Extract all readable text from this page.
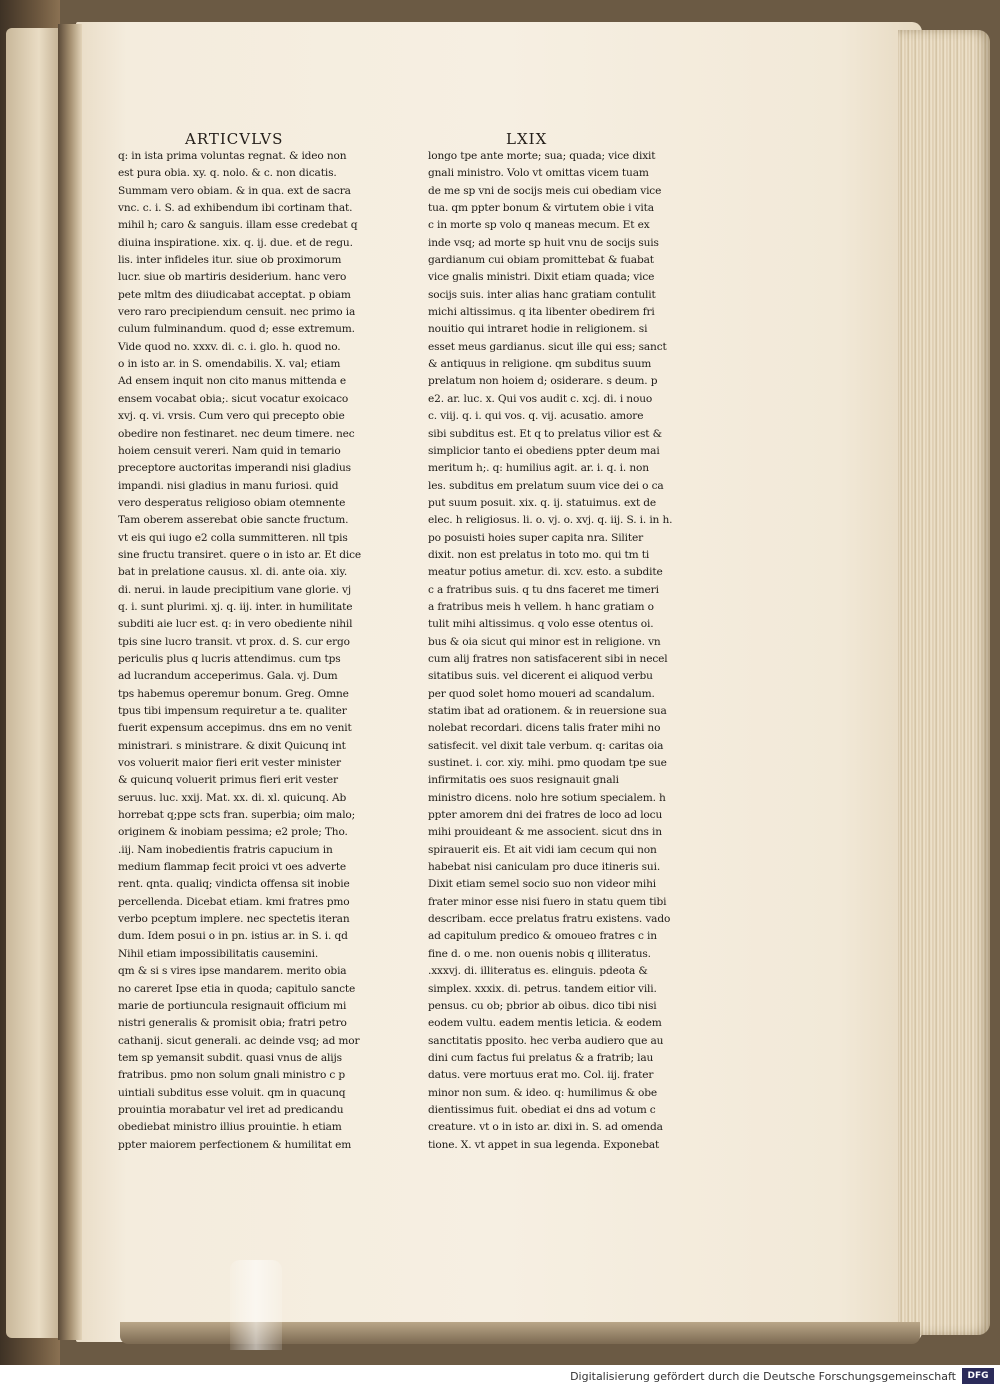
ARTICVLVS	LXIX
q: in ista prima voluntas regnat. & ideo non
est pura obia. xy. q. nolo. & c. non dicatis.
Summam vero obiam. & in qua. ext de sacra
vnc. c. i. S. ad exhibendum ibi cortinam that.
mihil h; caro & sanguis. illam esse credebat q
diuina inspiratione. xix. q. ij. due. et de regu.
lis. inter infideles itur. siue ob proximorum
lucr. siue ob martiris desiderium. hanc vero
pete mltm des diiudicabat acceptat. p obiam
vero raro precipiendum censuit. nec primo ia
culum fulminandum. quod d; esse extremum.
Vide quod no. xxxv. di. c. i. glo. h. quod no.
o in isto ar. in S. omendabilis. X. val; etiam
Ad ensem inquit non cito manus mittenda e
ensem vocabat obia;. sicut vocatur exoicaco
xvj. q. vi. vrsis. Cum vero qui precepto obie
obedire non festinaret. nec deum timere. nec
hoiem censuit vereri. Nam quid in temario
preceptore auctoritas imperandi nisi gladius
impandi. nisi gladius in manu furiosi. quid
vero desperatus religioso obiam otemnente
Tam oberem asserebat obie sancte fructum.
vt eis qui iugo e2 colla summitteren. nll tpis
sine fructu transiret. quere o in isto ar. Et dice
bat in prelatione causus. xl. di. ante oia. xiy.
di. nerui. in laude precipitium vane glorie. vj
q. i. sunt plurimi. xj. q. iij. inter. in humilitate
subditi aie lucr est. q: in vero obediente nihil
tpis sine lucro transit. vt prox. d. S. cur ergo
periculis plus q lucris attendimus. cum tps
ad lucrandum acceperimus. Gala. vj. Dum
tps habemus operemur bonum. Greg. Omne
tpus tibi impensum requiretur a te. qualiter
fuerit expensum accepimus. dns em no venit
ministrari. s ministrare. & dixit Quicunq int
vos voluerit maior fieri erit vester minister
& quicunq voluerit primus fieri erit vester
seruus. luc. xxij. Mat. xx. di. xl. quicunq. Ab
horrebat q;ppe scts fran. superbia; oim malo;
originem & inobiam pessima; e2 prole; Tho.
.iij. Nam inobedientis fratris capucium in
medium flammap fecit proici vt oes adverte
rent. qnta. qualiq; vindicta offensa sit inobie
percellenda. Dicebat etiam. kmi fratres pmo
verbo pceptum implere. nec spectetis iteran
dum. Idem posui o in pn. istius ar. in S. i. qd
Nihil etiam impossibilitatis causemini.
qm & si s vires ipse mandarem. merito obia
no careret Ipse etia in quoda; capitulo sancte
marie de portiuncula resignauit officium mi
nistri generalis & promisit obia; fratri petro
cathanij. sicut generali. ac deinde vsq; ad mor
tem sp yemansit subdit. quasi vnus de alijs
fratribus. pmo non solum gnali ministro c p
uintiali subditus esse voluit. qm in quacunq
prouintia morabatur vel iret ad predicandu
obediebat ministro illius prouintie. h etiam
ppter maiorem perfectionem & humilitat em
longo tpe ante morte; sua; quada; vice dixit
gnali ministro. Volo vt omittas vicem tuam
de me sp vni de socijs meis cui obediam vice
tua. qm ppter bonum & virtutem obie i vita
c in morte sp volo q maneas mecum. Et ex
inde vsq; ad morte sp huit vnu de socijs suis
gardianum cui obiam promittebat & fuabat
vice gnalis ministri. Dixit etiam quada; vice
socijs suis. inter alias hanc gratiam contulit
michi altissimus. q ita libenter obedirem fri
nouitio qui intraret hodie in religionem. si
esset meus gardianus. sicut ille qui ess; sanct
& antiquus in religione. qm subditus suum
prelatum non hoiem d; osiderare. s deum. p
e2. ar. luc. x. Qui vos audit c. xcj. di. i nouo
c. viij. q. i. qui vos. q. vij. acusatio. amore
sibi subditus est. Et q to prelatus vilior est &
simplicior tanto ei obediens ppter deum mai
meritum h;. q: humilius agit. ar. i. q. i. non
les. subditus em prelatum suum vice dei o ca
put suum posuit. xix. q. ij. statuimus. ext de
elec. h religiosus. li. o. vj. o. xvj. q. iij. S. i. in h.
po posuisti hoies super capita nra. Siliter
dixit. non est prelatus in toto mo. qui tm ti
meatur potius ametur. di. xcv. esto. a subdite
c a fratribus suis. q tu dns faceret me timeri
a fratribus meis h vellem. h hanc gratiam o
tulit mihi altissimus. q volo esse otentus oi.
bus & oia sicut qui minor est in religione. vn
cum alij fratres non satisfacerent sibi in necel
sitatibus suis. vel dicerent ei aliquod verbu
per quod solet homo moueri ad scandalum.
statim ibat ad orationem. & in reuersione sua
nolebat recordari. dicens talis frater mihi no
satisfecit. vel dixit tale verbum. q: caritas oia
sustinet. i. cor. xiy. mihi. pmo quodam tpe sue
infirmitatis oes suos resignauit gnali
ministro dicens. nolo hre sotium specialem. h
ppter amorem dni dei fratres de loco ad locu
mihi prouideant & me associent. sicut dns in
spirauerit eis. Et ait vidi iam cecum qui non
habebat nisi caniculam pro duce itineris sui.
Dixit etiam semel socio suo non videor mihi
frater minor esse nisi fuero in statu quem tibi
describam. ecce prelatus fratru existens. vado
ad capitulum predico & omoueo fratres c in
fine d. o me. non ouenis nobis q illiteratus.
.xxxvj. di. illiteratus es. elinguis. pdeota &
simplex. xxxix. di. petrus. tandem eitior vili.
pensus. cu ob; pbrior ab oibus. dico tibi nisi
eodem vultu. eadem mentis leticia. & eodem
sanctitatis pposito. hec verba audiero que au
dini cum factus fui prelatus & a fratrib; lau
datus. vere mortuus erat mo. Col. iij. frater
minor non sum. & ideo. q: humilimus & obe
dientissimus fuit. obediat ei dns ad votum c
creature. vt o in isto ar. dixi in. S. ad omenda
tione. X. vt appet in sua legenda. Exponebat
Digitalisierung gefördert durch die Deutsche Forschungsgemeinschaft	DFG
